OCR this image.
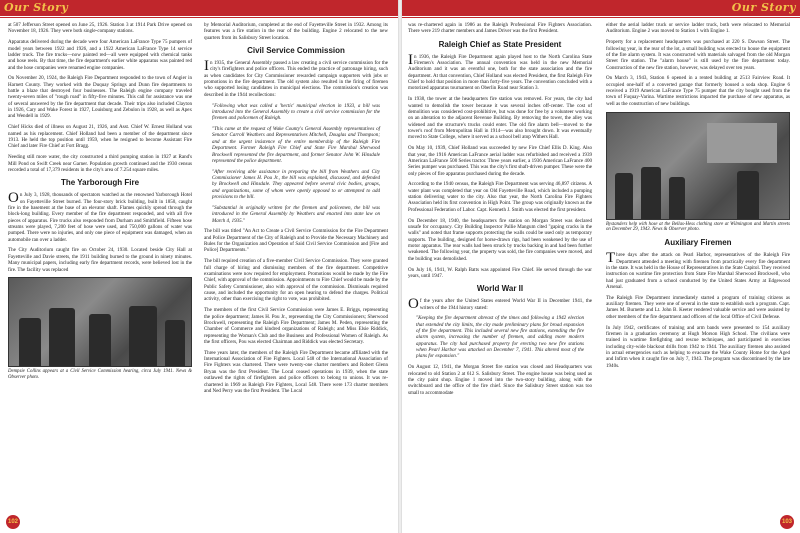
Our Story

at 507 Jefferson Street opened on June 25, 1926. Station 3 at 1914 Park Drive opened on November 18, 1926. They were both single-company stations.

Apparatus delivered during the decade were four American LaFrance Type 75 pumpers of model years between 1922 and 1926, and a 1922 American LaFrance Type 14 service ladder truck. The fire trucks—now painted red—all were equipped with chemical tanks and hose reels. By that time, the fire department's earlier white apparatus was painted red and the hose companies were renamed engine companies.

On November 20, 1924, the Raleigh Fire Department responded to the town of Angier in Harnett County. They worked with the Duquay Springs and Dunn fire departments to battle a blaze that destroyed four businesses. The Raleigh engine company traveled twenty-seven miles of "rough road" in fifty-five minutes. This call for assistance was one of several answered by the fire department that decade. Their trips also included Clayton in 1926, Cary and Wake Forest in 1927, Louisburg and Zebulon in 1928, as well as Apex and Wendell in 1929.

Chief Hicks died of illness on August 21, 1926, and Asst. Chief W. Ernest Holland was named as his replacement. Chief Holland had been a member of the department since 1913. He held the top position until 1959, when he resigned to become Assistant Fire Chief and later Fire Chief at Fort Bragg.

Needing still more water, the city constructed a third pumping station in 1927 at Rand's Mill Pond on Swift Creek near Garner. Population growth continued and the 1930 census recorded a total of 17,379 residents in the city's area of 7.254 square miles.

The Yarborough Fire

On July 3, 1928, thousands of spectators watched as the renowned Yarborough Hotel on Fayetteville Street burned. The four-story brick building, built in 1850, caught fire in the basement at the base of an elevator shaft. Flames quickly spread through the block-long building. Every member of the fire department responded, and with all five pieces of apparatus. Fire trucks also responded from Durham and Smithfield. Fifteen hose streams were played, 7,200 feet of hose were used, and 750,000 gallons of water was pumped. There were no injuries, and only one piece of equipment was damaged, when an automobile ran over a ladder.

The City Auditorium caught fire on October 24, 1930. Located beside City Hall at Fayetteville and Davie streets, the 1911 building burned to the ground in ninety minutes. Many municipal papers, including early fire department records, were believed lost in the fire. The facility was replaced

Dempsie Collins appears at a Civil Service Commission hearing, circa July 1941. News & Observer photo.

by Memorial Auditorium, completed at the end of Fayetteville Street in 1932. Among its features was a fire station in the rear of the building. Engine 2 relocated to the new quarters from its Salisbury Street location.

Civil Service Commission

In 1935, the General Assembly passed a law creating a civil service commission for the city's firefighters and police officers. This ended the practice of patronage hiring, such as when candidates for City Commissioner rewarded campaign supporters with jobs or promotions in the fire department. The old system also resulted in the firing of firemen who supported losing candidates in municipal elections. The commission's creation was described in the 1944 recollections:

"Following what was called a 'hectic' municipal election in 1933, a bill was introduced into the General Assembly to create a civil service commission for the firemen and policemen of Raleigh.

"This came at the request of Wake County's General Assembly representatives of Senator Carroll Weathers and Representatives Mitchell, Douglas and Thompson; and at the urgent insistence of the entire membership of the Raleigh Fire Department. Former Raleigh Fire Chief and State Fire Marshal Sherwood Brockwell represented the fire department, and former Senator John W. Hinsdale represented the police department.

"After receiving able assistance in preparing the bill from Weathers and City Commissioner James H. Pou Jr., the bill was explained, discussed, and defended by Brockwell and Hinsdale. They appeared before several civic bodies, groups, and organizations, some of whom were openly opposed to or attempted to add provisions to the bill.

"Substantial in originally written for the firemen and policemen, the bill was introduced in the General Assembly by Weathers and enacted into state law on March 4, 1935."

The bill was titled "An Act to Create a Civil Service Commission for the Fire Department and Police Department of the City of Raleigh and to Provide the Necessary Machinery and Rules for the Organization and Operation of Said Civil Service Commission and [Fire and Police] Departments."

The bill required creation of a five-member Civil Service Commission. They were granted full charge of hiring and dismissing members of the fire department. Competitive examinations were now required for employment. Promotions would be made by the Fire Chief, with approval of the commission. Appointments to Fire Chief would be made by the Public Safety Commissioner, also with approval of the commission. Dismissals required cause, and included the opportunity for an open hearing to defend the charges. Political activity, other than exercising the right to vote, was prohibited.

The members of the first Civil Service Commission were James E. Briggs, representing the police department; James H. Pou Jr., representing the City Commissioners; Sherwood Brockwell, representing the Raleigh Fire Department; James M. Peden, representing the Chamber of Commerce and kindred organizations of Raleigh; and Miss Elsie Riddick, representing the Woman's Club and the Business and Professional Women of Raleigh. As the first officers, Pou was elected Chairman and Riddick was elected Secretary.

Three years later, the members of the Raleigh Fire Department became affiliated with the International Association of Fire Fighters. Local 548 of the International Association of Fire Fighters was chartered. There were twenty-one charter members and Robert Glenn Bryan was the first President. The Local ceased operations in 1939, when the state outlawed the rights of firefighters and police officers to belong to unions. It was re-chartered in 1969 as Raleigh Fire Fighters, Local 548. There were 173 charter members and Ned Perry was the first President. The Local

102
Our Story

was re-chartered again in 1986 as the Raleigh Professional Fire Fighters Association. There were 219 charter members and James Driver was the first President.

Raleigh Chief as State President

In 1936, the Raleigh Fire Department again played host to the North Carolina State Firemen's Association. The annual convention was held in the new Memorial Auditorium and it was an eventful one, both for the state association and the fire department. At that convention, Chief Holland was elected President, the first Raleigh Fire Chief to hold that position in more than forty-five years. The convention concluded with a motorized apparatus tournament on Oberlin Road near Station 3.

In 1938, the tower at the headquarters fire station was removed. For years, the city had wanted to demolish the tower because it was several inches off-center. The cost of demolition was considered cost-prohibitive, but was done for free by a volunteer working on an alteration to the adjacent Revenue Building. By removing the tower, the alley was widened and the structure's trucks could enter. The old fire alarm bell—moved to the tower's roof from Metropolitan Hall in 1914—was also brought down. It was eventually moved to State College, where it served as a school bell atop Withers Hall.

On May 10, 1939, Chief Holland was succeeded by new Fire Chief Ellis D. King. Also that year, the 1916 American LaFrance aerial ladder was refurbished and received a 1939 American LaFrance 500 Series tractor. Three years earlier, a 1936 American LaFrance 400 Series pumper was purchased. This was the city's first shaft-driven pumper. These were the only pieces of fire apparatus purchased during the decade.

According to the 1940 census, the Raleigh Fire Department was serving 46,897 citizens. A water plant was completed that year on Old Fayetteville Road, which included a pumping station delivering water to the city. Also that year, the North Carolina Fire Fighters Association held its first convention in High Point. The group was originally known as the Professional Federation of Labor. Capt. Kenneth J. Smith was elected the first president.

On December 18, 1940, the headquarters fire station on Morgan Street was declared unsafe for occupancy. City Building Inspector Pallie Mangum cited "gaping cracks in the walls" and noted that frame supports protecting the walls could be used only as temporary supports. The building, designed for horse-drawn rigs, had been weakened by the use of motor apparatus. The rear walls had been struck by trucks backing in and had been further weakened. The following year, the property was sold, the fire companies were moved, and the building was demolished.

On July 16, 1941, W. Ralph Batts was appointed Fire Chief. He served through the war years, until 1947.

World War II

Of the years after the United States entered World War II in December 1941, the writers of the 1944 history stated:

"Keeping the fire department abreast of the times and following a 1942 election that extended the city limits, the city made preliminary plans for broad expansion of the fire department. This included several new fire stations, extending the fire alarm system, increasing the number of firemen, and adding more modern apparatus. The city had purchased property for erecting two new fire stations when Pearl Harbor was attacked on December 7, 1941. This altered most of the plans for expansion."

On August 12, 1941, the Morgan Street fire station was closed and Headquarters was relocated to old Station 2 at 612 S. Salisbury Street. The engine house was being used as the city paint shop. Engine 1 moved into the two-story building, along with the switchboard and the office of the fire chief. Since the Salisbury Street station was too small to accommodate

either the aerial ladder truck or service ladder truck, both were relocated to Memorial Auditorium. Engine 2 was moved to Station 1 with Engine 1.

Property for a replacement headquarters was purchased at 220 S. Dawson Street. The following year, in the rear of the lot, a small building was erected to house the equipment of the fire alarm system. It was constructed with materials salvaged from the old Morgan Street fire station. The "alarm house" is still used by the fire department today. Construction of the new fire station, however, was delayed over ten years.

On March 3, 1943, Station 6 opened in a rented building at 2513 Fairview Road. It occupied one-half of a converted garage that formerly housed a soda shop. Engine 6 received a 1919 American LaFrance Type 75 pumper that the city bought used from the town of Fuquay-Varina. Wartime restrictions impacted the purchase of new apparatus, as well as the construction of new buildings.

Bystanders help with hose at the Bellas-Hess clothing store at Wilmington and Martin streets on December 29, 1943. News & Observer photo.
Auxiliary Firemen

Three days after the attack on Pearl Harbor, representatives of the Raleigh Fire Department attended a meeting with firemen from practically every fire department in the state. It was held in the House of Representatives in the State Capitol. They received instruction on wartime fire protection from State Fire Marshal Sherwood Brockwell, who had just graduated from a school conducted by the United States Army at Edgewood Arsenal.

The Raleigh Fire Department immediately started a program of training citizens as auxiliary firemen. They were one of several in the state to establish such a program. Capt. James M. Burnette and Lt. John B. Keeter rendered valuable service and were assisted by other members of the fire department and officers of the local Office of Civil Defense.

In July 1942, certificates of training and arm bands were presented to 154 auxiliary firemen in a graduation ceremony at Hugh Morson High School. The civilians were trained in wartime firefighting and rescue techniques, and participated in exercises including city-wide blackout drills from 1942 to 1944. The auxiliary firemen also assisted in actual emergencies such as helping to evacuate the Wake County Home for the Aged and Infirm when it caught fire on July 7, 1943. The program was discontinued by the late 1940s.

103
